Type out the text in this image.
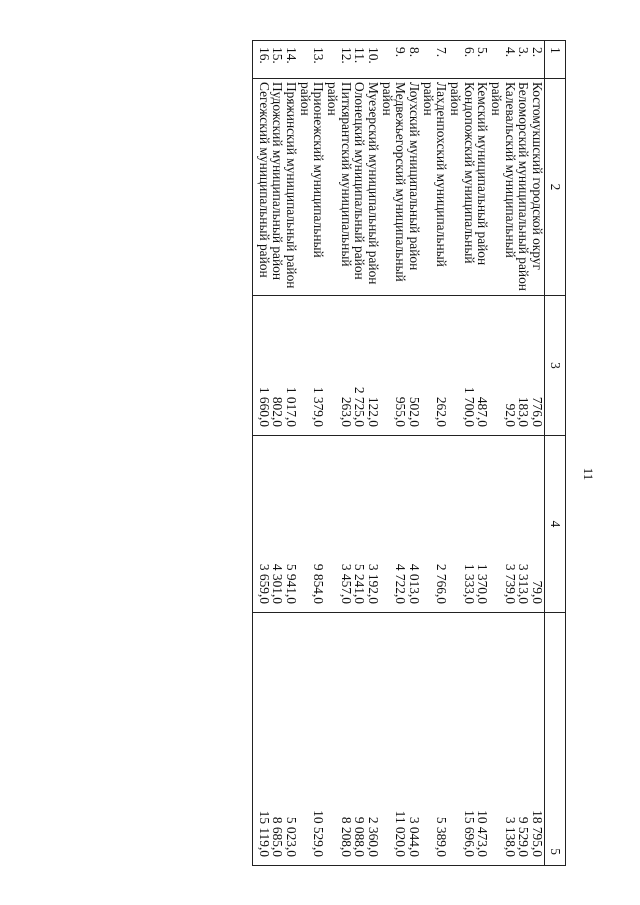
11
1	2	3	4	5
2.	Костомукшский городской округ	776,0	79,0	18 795,0
3.	Беломорский муниципальный район	183,0	3 313,0	9 529,0
4.	Калевальский муниципальный район	92,0	3 739,0	3 138,0
5.	Кемский муниципальный район	487,0	1 370,0	10 473,0
6.	Кондопожский муниципальный район	1 700,0	1 333,0	15 696,0
7.	Лахденпохский муниципальный район	262,0	2 766,0	5 389,0
8.	Лоухский муниципальный район	502,0	4 013,0	3 044,0
9.	Медвежьегорский муниципальный район	955,0	4 722,0	11 020,0
10.	Муезерский муниципальный район	122,0	3 192,0	2 360,0
11.	Олонецкий муниципальный район	2 725,0	5 241,0	9 088,0
12.	Питкярантский муниципальный район	263,0	3 457,0	8 208,0
13.	Прионежский муниципальный район	1 379,0	9 854,0	10 529,0
14.	Пряжинский муниципальный район	1 017,0	5 941,0	5 023,0
15.	Пудожский муниципальный район	802,0	4 301,0	8 685,0
16.	Сегежский муниципальный район	1 660,0	3 659,0	15 119,0
